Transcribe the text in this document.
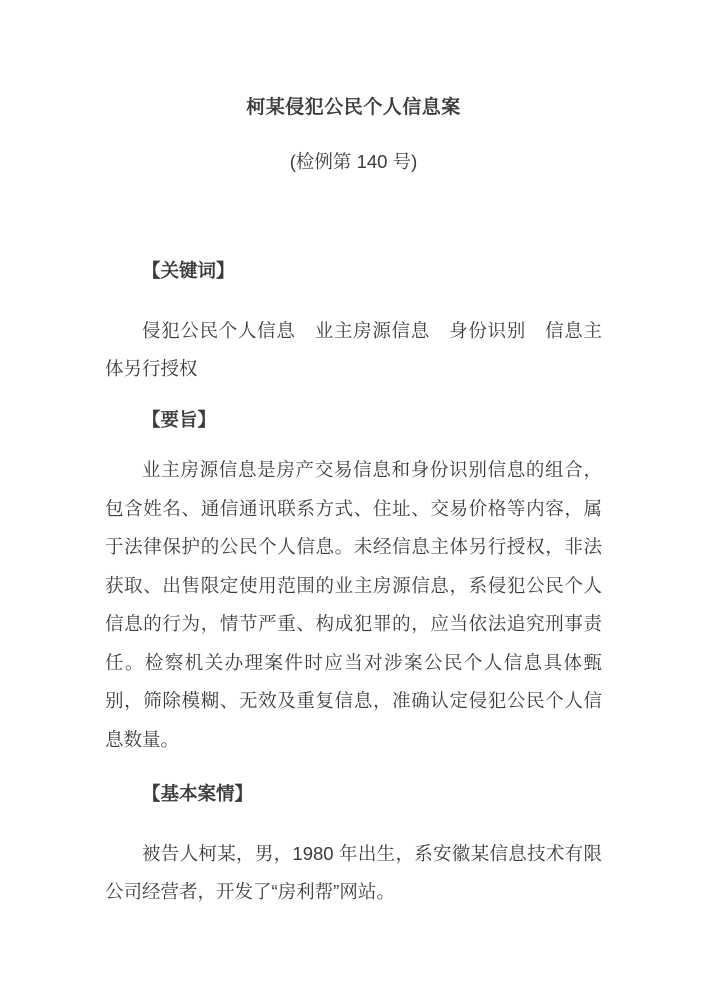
柯某侵犯公民个人信息案

(检例第 140 号)

【关键词】

侵犯公民个人信息　业主房源信息　身份识别　信息主体另行授权

【要旨】

业主房源信息是房产交易信息和身份识别信息的组合，包含姓名、通信通讯联系方式、住址、交易价格等内容，属于法律保护的公民个人信息。未经信息主体另行授权，非法获取、出售限定使用范围的业主房源信息，系侵犯公民个人信息的行为，情节严重、构成犯罪的，应当依法追究刑事责任。检察机关办理案件时应当对涉案公民个人信息具体甄别，筛除模糊、无效及重复信息，准确认定侵犯公民个人信息数量。

【基本案情】

被告人柯某，男，1980 年出生，系安徽某信息技术有限公司经营者，开发了“房利帮”网站。
